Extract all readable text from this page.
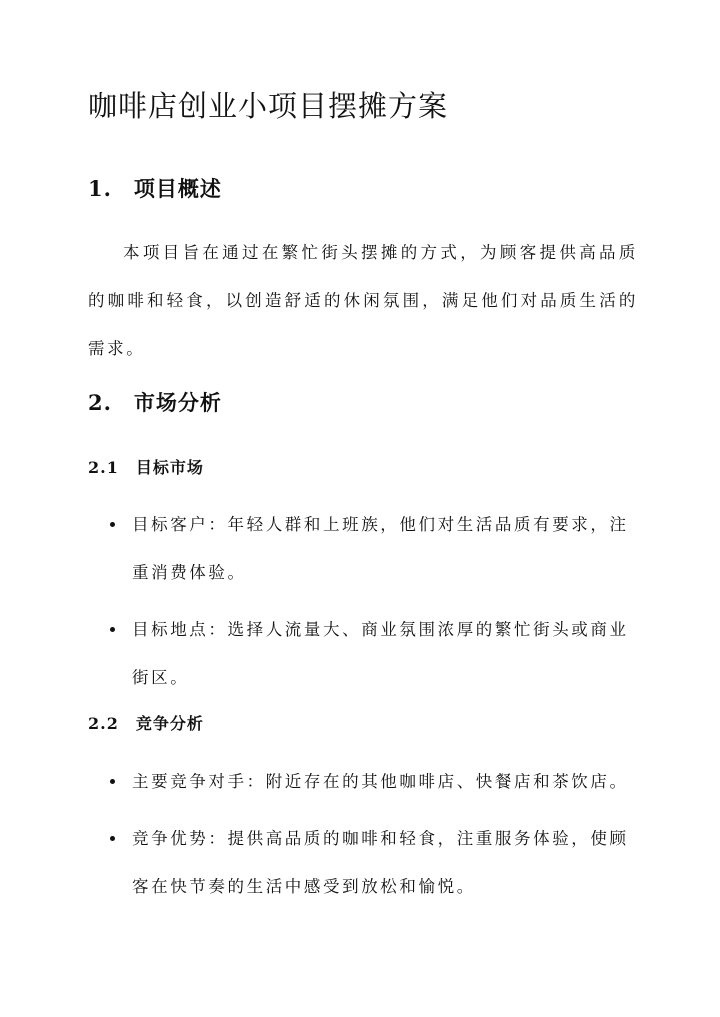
咖啡店创业小项目摆摊方案
1.　项目概述

本项目旨在通过在繁忙街头摆摊的方式，为顾客提供高品质的咖啡和轻食，以创造舒适的休闲氛围，满足他们对品质生活的需求。

2.　市场分析
2.1　目标市场
目标客户：年轻人群和上班族，他们对生活品质有要求，注重消费体验。
目标地点：选择人流量大、商业氛围浓厚的繁忙街头或商业街区。
2.2　竞争分析
主要竞争对手：附近存在的其他咖啡店、快餐店和茶饮店。
竞争优势：提供高品质的咖啡和轻食，注重服务体验，使顾客在快节奏的生活中感受到放松和愉悦。
